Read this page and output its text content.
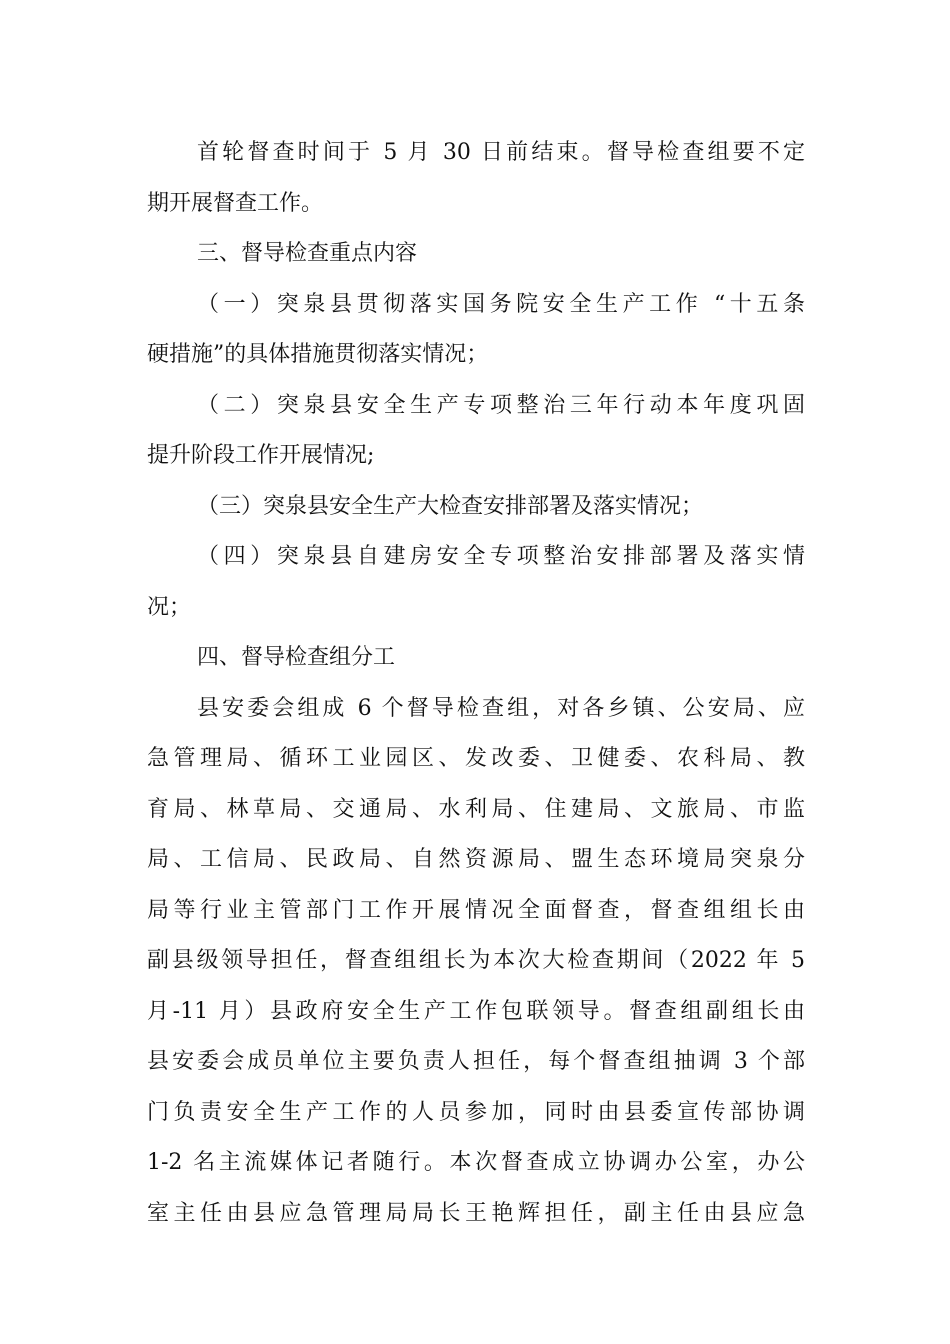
首轮督查时间于 5 月 30 日前结束。督导检查组要不定
期开展督查工作。
三、督导检查重点内容
（一）突泉县贯彻落实国务院安全生产工作 “十五条
硬措施”的具体措施贯彻落实情况；
（二）突泉县安全生产专项整治三年行动本年度巩固
提升阶段工作开展情况;
（三）突泉县安全生产大检查安排部署及落实情况；
（四）突泉县自建房安全专项整治安排部署及落实情
况；
四、督导检查组分工
县安委会组成 6 个督导检查组，对各乡镇、公安局、应
急管理局、循环工业园区、发改委、卫健委、农科局、教
育局、林草局、交通局、水利局、住建局、文旅局、市监
局、工信局、民政局、自然资源局、盟生态环境局突泉分
局等行业主管部门工作开展情况全面督查，督查组组长由
副县级领导担任，督查组组长为本次大检查期间（2022 年 5
月-11 月）县政府安全生产工作包联领导。督查组副组长由
县安委会成员单位主要负责人担任，每个督查组抽调 3 个部
门负责安全生产工作的人员参加，同时由县委宣传部协调
1-2 名主流媒体记者随行。本次督查成立协调办公室，办公
室主任由县应急管理局局长王艳辉担任，副主任由县应急
